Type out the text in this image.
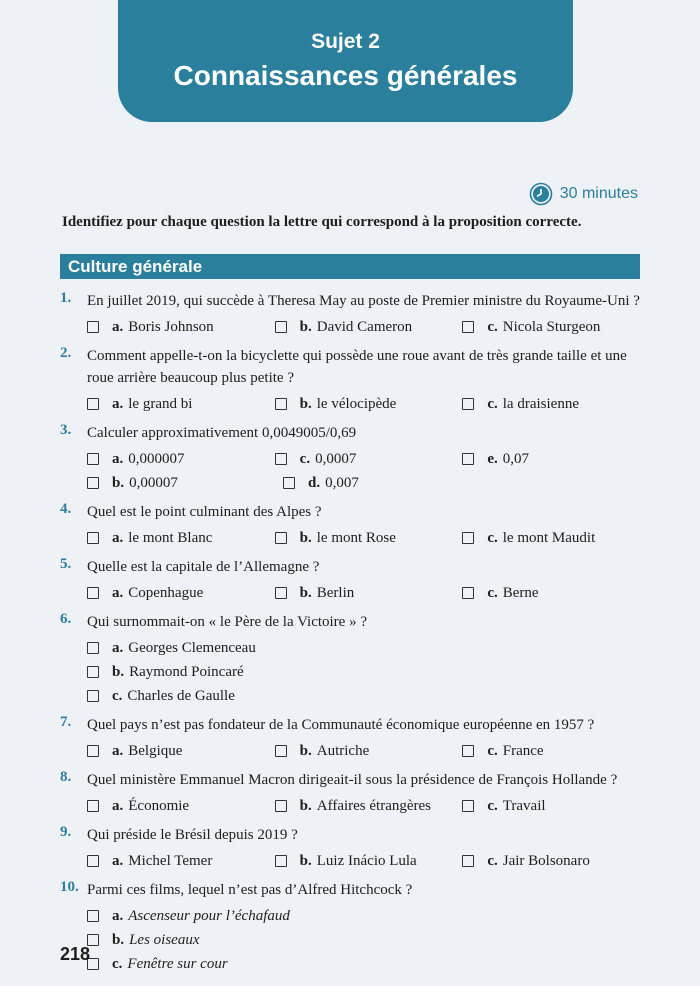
Sujet 2
Connaissances générales
30 minutes
Identifiez pour chaque question la lettre qui correspond à la proposition correcte.
Culture générale
1. En juillet 2019, qui succède à Theresa May au poste de Premier ministre du Royaume-Uni ?
a. Boris Johnson	b. David Cameron	c. Nicola Sturgeon
2. Comment appelle-t-on la bicyclette qui possède une roue avant de très grande taille et une roue arrière beaucoup plus petite ?
a. le grand bi	b. le vélocipède	c. la draisienne
3. Calculer approximativement 0,0049005/0,69
a. 0,000007	c. 0,0007	e. 0,07
b. 0,00007	d. 0,007
4. Quel est le point culminant des Alpes ?
a. le mont Blanc	b. le mont Rose	c. le mont Maudit
5. Quelle est la capitale de l’Allemagne ?
a. Copenhague	b. Berlin	c. Berne
6. Qui surnommait-on « le Père de la Victoire » ?
a. Georges Clemenceau
b. Raymond Poincaré
c. Charles de Gaulle
7. Quel pays n’est pas fondateur de la Communauté économique européenne en 1957 ?
a. Belgique	b. Autriche	c. France
8. Quel ministère Emmanuel Macron dirigeait-il sous la présidence de François Hollande ?
a. Économie	b. Affaires étrangères	c. Travail
9. Qui préside le Brésil depuis 2019 ?
a. Michel Temer	b. Luiz Inácio Lula	c. Jair Bolsonaro
10. Parmi ces films, lequel n’est pas d’Alfred Hitchcock ?
a. Ascenseur pour l’échafaud
b. Les oiseaux
c. Fenêtre sur cour
218
